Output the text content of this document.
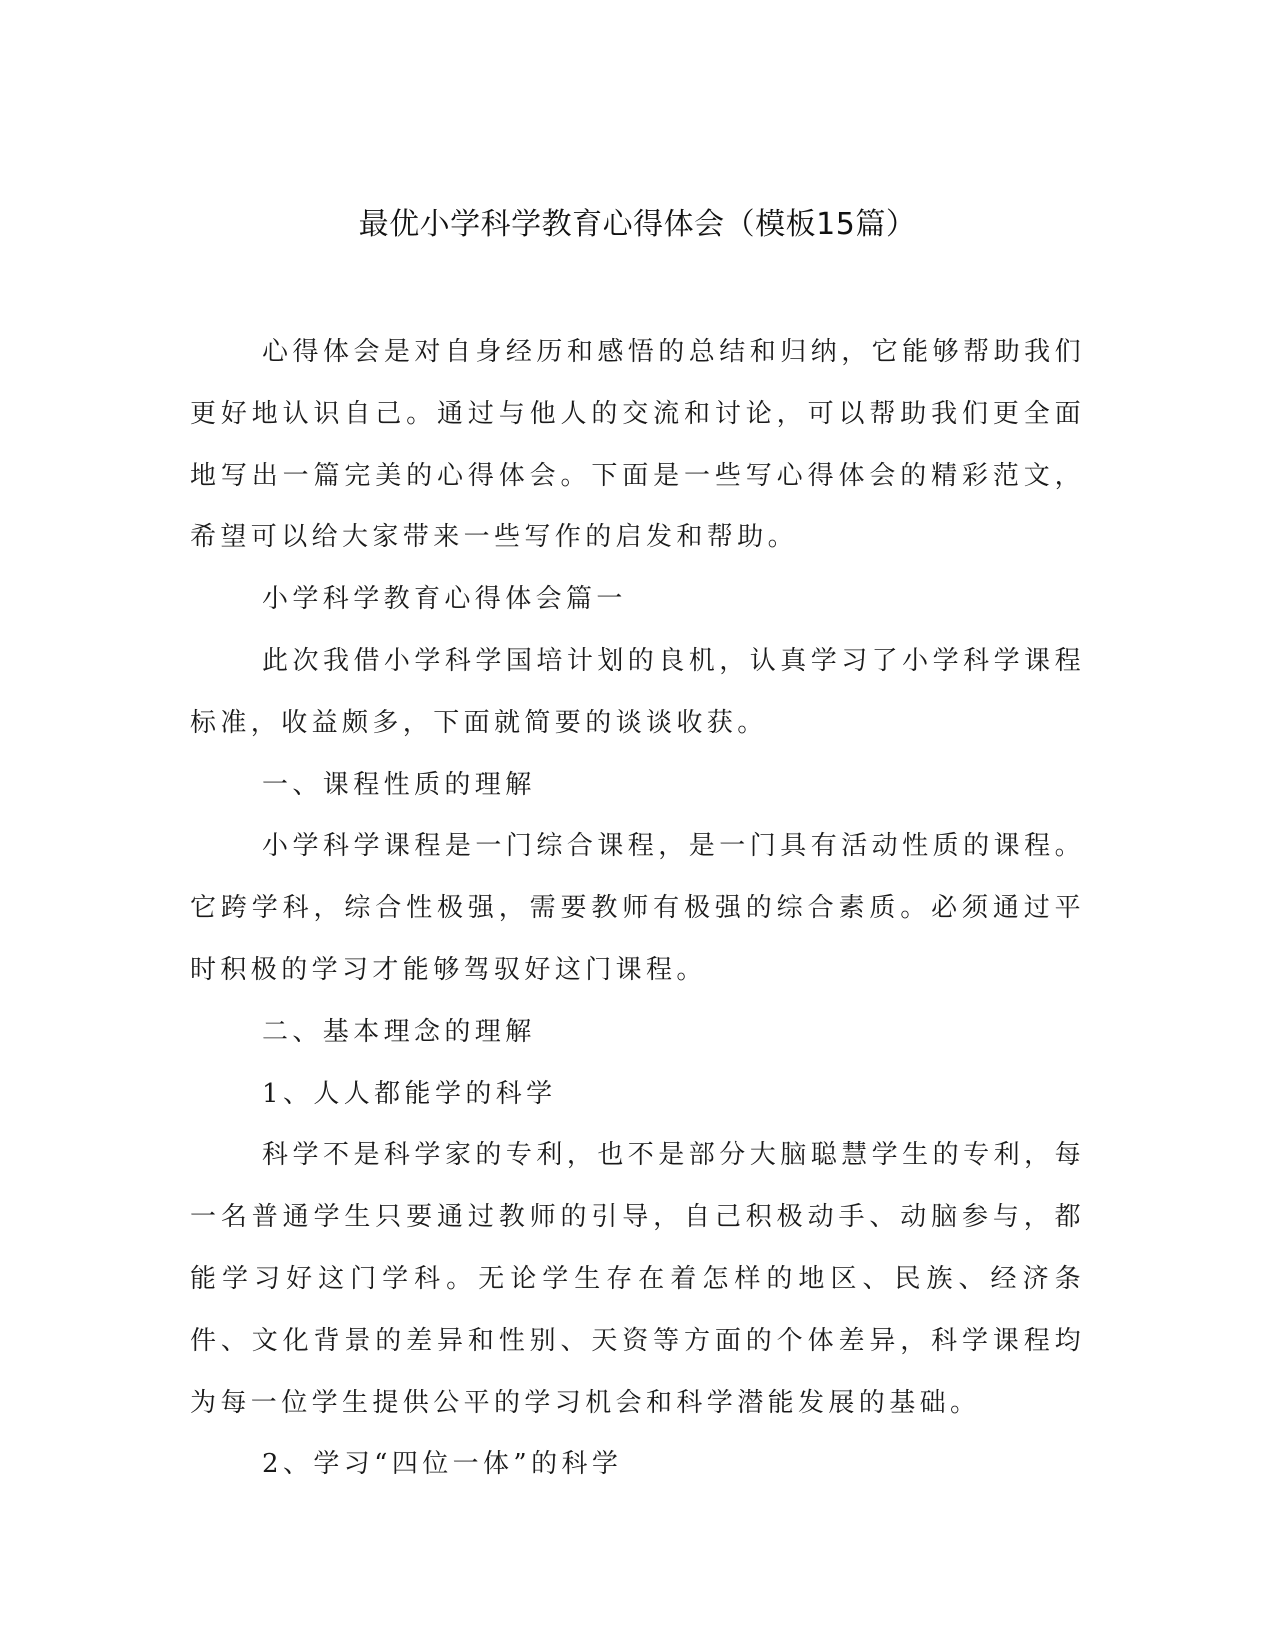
最优小学科学教育心得体会（模板15篇）

心得体会是对自身经历和感悟的总结和归纳，它能够帮助我们更好地认识自己。通过与他人的交流和讨论，可以帮助我们更全面地写出一篇完美的心得体会。下面是一些写心得体会的精彩范文，希望可以给大家带来一些写作的启发和帮助。

小学科学教育心得体会篇一

此次我借小学科学国培计划的良机，认真学习了小学科学课程标准，收益颇多，下面就简要的谈谈收获。

一、课程性质的理解

小学科学课程是一门综合课程，是一门具有活动性质的课程。它跨学科，综合性极强，需要教师有极强的综合素质。必须通过平时积极的学习才能够驾驭好这门课程。

二、基本理念的理解

1、人人都能学的科学

科学不是科学家的专利，也不是部分大脑聪慧学生的专利，每一名普通学生只要通过教师的引导，自己积极动手、动脑参与，都能学习好这门学科。无论学生存在着怎样的地区、民族、经济条件、文化背景的差异和性别、天资等方面的个体差异，科学课程均为每一位学生提供公平的学习机会和科学潜能发展的基础。

2、学习“四位一体”的科学
